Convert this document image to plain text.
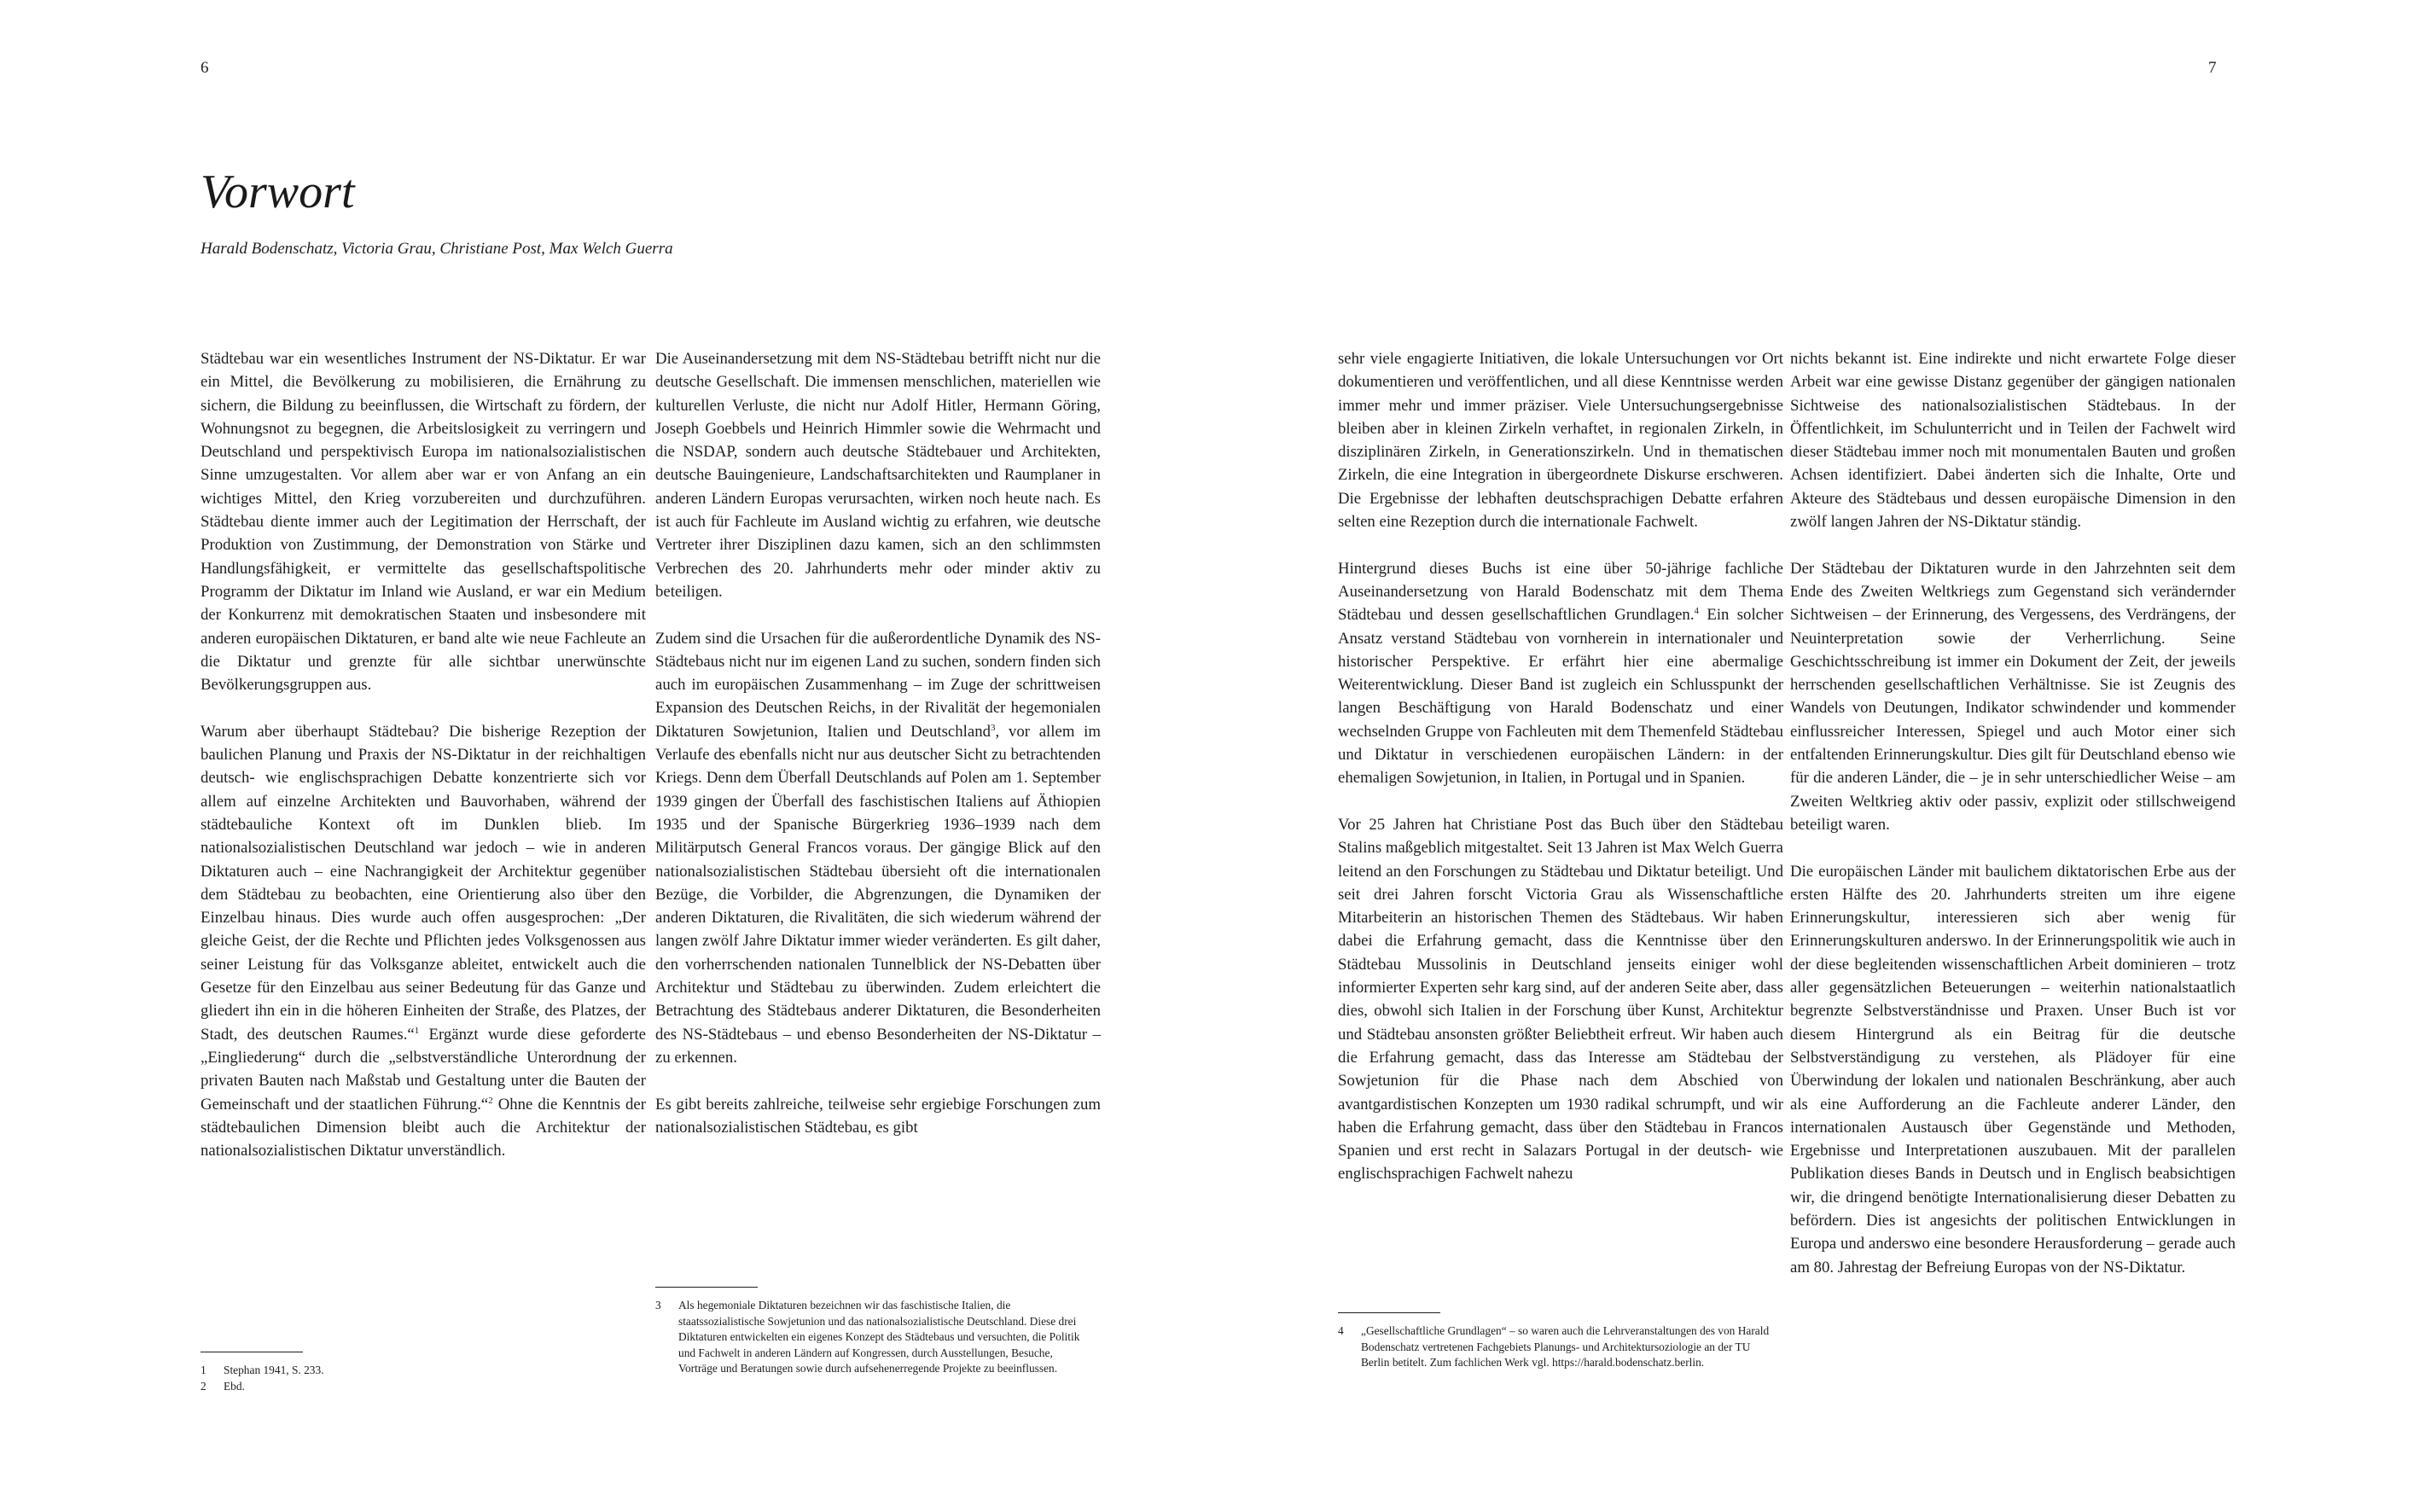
6	7
Vorwort
Harald Bodenschatz, Victoria Grau, Christiane Post, Max Welch Guerra

Städtebau war ein wesentliches Instrument der NS-Diktatur. Er war ein Mittel, die Bevölkerung zu mobilisieren, die Ernährung zu sichern, die Bildung zu beeinflussen, die Wirtschaft zu fördern, der Wohnungsnot zu begegnen, die Arbeitslosigkeit zu verringern und Deutschland und perspektivisch Europa im nationalsozialistischen Sinne umzugestalten. Vor allem aber war er von Anfang an ein wichtiges Mittel, den Krieg vorzubereiten und durchzuführen. Städtebau diente immer auch der Legitimation der Herrschaft, der Produktion von Zustimmung, der Demonstration von Stärke und Handlungsfähigkeit, er vermittelte das gesellschaftspolitische Programm der Diktatur im Inland wie Ausland, er war ein Medium der Konkurrenz mit demokratischen Staaten und insbesondere mit anderen europäischen Diktaturen, er band alte wie neue Fachleute an die Diktatur und grenzte für alle sichtbar unerwünschte Bevölkerungsgruppen aus.

Warum aber überhaupt Städtebau? Die bisherige Rezeption der baulichen Planung und Praxis der NS-Diktatur in der reichhaltigen deutsch- wie englischsprachigen Debatte konzentrierte sich vor allem auf einzelne Architekten und Bauvorhaben, während der städtebauliche Kontext oft im Dunklen blieb. Im nationalsozialistischen Deutschland war jedoch – wie in anderen Diktaturen auch – eine Nachrangigkeit der Architektur gegenüber dem Städtebau zu beobachten, eine Orientierung also über den Einzelbau hinaus. Dies wurde auch offen ausgesprochen: „Der gleiche Geist, der die Rechte und Pflichten jedes Volksgenossen aus seiner Leistung für das Volksganze ableitet, entwickelt auch die Gesetze für den Einzelbau aus seiner Bedeutung für das Ganze und gliedert ihn ein in die höheren Einheiten der Straße, des Platzes, der Stadt, des deutschen Raumes.“$^1$ Ergänzt wurde diese geforderte „Eingliederung“ durch die „selbstverständliche Unterordnung der privaten Bauten nach Maßstab und Gestaltung unter die Bauten der Gemeinschaft und der staatlichen Führung.“$^2$ Ohne die Kenntnis der städtebaulichen Dimension bleibt auch die Architektur der nationalsozialistischen Diktatur unverständlich.

Die Auseinandersetzung mit dem NS-Städtebau betrifft nicht nur die deutsche Gesellschaft. Die immensen menschlichen, materiellen wie kulturellen Verluste, die nicht nur Adolf Hitler, Hermann Göring, Joseph Goebbels und Heinrich Himmler sowie die Wehrmacht und die NSDAP, sondern auch deutsche Städtebauer und Architekten, deutsche Bauingenieure, Landschaftsarchitekten und Raumplaner in anderen Ländern Europas verursachten, wirken noch heute nach. Es ist auch für Fachleute im Ausland wichtig zu erfahren, wie deutsche Vertreter ihrer Disziplinen dazu kamen, sich an den schlimmsten Verbrechen des 20. Jahrhunderts mehr oder minder aktiv zu beteiligen.

Zudem sind die Ursachen für die außerordentliche Dynamik des NS-Städtebaus nicht nur im eigenen Land zu suchen, sondern finden sich auch im europäischen Zusammenhang – im Zuge der schrittweisen Expansion des Deutschen Reichs, in der Rivalität der hegemonialen Diktaturen Sowjetunion, Italien und Deutschland$^3$, vor allem im Verlaufe des ebenfalls nicht nur aus deutscher Sicht zu betrachtenden Kriegs. Denn dem Überfall Deutschlands auf Polen am 1. September 1939 gingen der Überfall des faschistischen Italiens auf Äthiopien 1935 und der Spanische Bürgerkrieg 1936–1939 nach dem Militärputsch General Francos voraus. Der gängige Blick auf den nationalsozialistischen Städtebau übersieht oft die internationalen Bezüge, die Vorbilder, die Abgrenzungen, die Dynamiken der anderen Diktaturen, die Rivalitäten, die sich wiederum während der langen zwölf Jahre Diktatur immer wieder veränderten. Es gilt daher, den vorherrschenden nationalen Tunnelblick der NS-Debatten über Architektur und Städtebau zu überwinden. Zudem erleichtert die Betrachtung des Städtebaus anderer Diktaturen, die Besonderheiten des NS-Städtebaus – und ebenso Besonderheiten der NS-Diktatur – zu erkennen.

Es gibt bereits zahlreiche, teilweise sehr ergiebige Forschungen zum nationalsozialistischen Städtebau, es gibt

sehr viele engagierte Initiativen, die lokale Untersuchungen vor Ort dokumentieren und veröffentlichen, und all diese Kenntnisse werden immer mehr und immer präziser. Viele Untersuchungsergebnisse bleiben aber in kleinen Zirkeln verhaftet, in regionalen Zirkeln, in disziplinären Zirkeln, in Generationszirkeln. Und in thematischen Zirkeln, die eine Integration in übergeordnete Diskurse erschweren. Die Ergebnisse der lebhaften deutschsprachigen Debatte erfahren selten eine Rezeption durch die internationale Fachwelt.

Hintergrund dieses Buchs ist eine über 50-jährige fachliche Auseinandersetzung von Harald Bodenschatz mit dem Thema Städtebau und dessen gesellschaftlichen Grundlagen.$^4$ Ein solcher Ansatz verstand Städtebau von vornherein in internationaler und historischer Perspektive. Er erfährt hier eine abermalige Weiterentwicklung. Dieser Band ist zugleich ein Schlusspunkt der langen Beschäftigung von Harald Bodenschatz und einer wechselnden Gruppe von Fachleuten mit dem Themenfeld Städtebau und Diktatur in verschiedenen europäischen Ländern: in der ehemaligen Sowjetunion, in Italien, in Portugal und in Spanien.

Vor 25 Jahren hat Christiane Post das Buch über den Städtebau Stalins maßgeblich mitgestaltet. Seit 13 Jahren ist Max Welch Guerra leitend an den Forschungen zu Städtebau und Diktatur beteiligt. Und seit drei Jahren forscht Victoria Grau als Wissenschaftliche Mitarbeiterin an historischen Themen des Städtebaus. Wir haben dabei die Erfahrung gemacht, dass die Kenntnisse über den Städtebau Mussolinis in Deutschland jenseits einiger wohl informierter Experten sehr karg sind, auf der anderen Seite aber, dass dies, obwohl sich Italien in der Forschung über Kunst, Architektur und Städtebau ansonsten größter Beliebtheit erfreut. Wir haben auch die Erfahrung gemacht, dass das Interesse am Städtebau der Sowjetunion für die Phase nach dem Abschied von avantgardistischen Konzepten um 1930 radikal schrumpft, und wir haben die Erfahrung gemacht, dass über den Städtebau in Francos Spanien und erst recht in Salazars Portugal in der deutsch- wie englischsprachigen Fachwelt nahezu

nichts bekannt ist. Eine indirekte und nicht erwartete Folge dieser Arbeit war eine gewisse Distanz gegenüber der gängigen nationalen Sichtweise des nationalsozialistischen Städtebaus. In der Öffentlichkeit, im Schulunterricht und in Teilen der Fachwelt wird dieser Städtebau immer noch mit monumentalen Bauten und großen Achsen identifiziert. Dabei änderten sich die Inhalte, Orte und Akteure des Städtebaus und dessen europäische Dimension in den zwölf langen Jahren der NS-Diktatur ständig.

Der Städtebau der Diktaturen wurde in den Jahrzehnten seit dem Ende des Zweiten Weltkriegs zum Gegenstand sich verändernder Sichtweisen – der Erinnerung, des Vergessens, des Verdrängens, der Neuinterpretation sowie der Verherrlichung. Seine Geschichtsschreibung ist immer ein Dokument der Zeit, der jeweils herrschenden gesellschaftlichen Verhältnisse. Sie ist Zeugnis des Wandels von Deutungen, Indikator schwindender und kommender einflussreicher Interessen, Spiegel und auch Motor einer sich entfaltenden Erinnerungskultur. Dies gilt für Deutschland ebenso wie für die anderen Länder, die – je in sehr unterschiedlicher Weise – am Zweiten Weltkrieg aktiv oder passiv, explizit oder stillschweigend beteiligt waren.

Die europäischen Länder mit baulichem diktatorischen Erbe aus der ersten Hälfte des 20. Jahrhunderts streiten um ihre eigene Erinnerungskultur, interessieren sich aber wenig für Erinnerungskulturen anderswo. In der Erinnerungspolitik wie auch in der diese begleitenden wissenschaftlichen Arbeit dominieren – trotz aller gegensätzlichen Beteuerungen – weiterhin nationalstaatlich begrenzte Selbstverständnisse und Praxen. Unser Buch ist vor diesem Hintergrund als ein Beitrag für die deutsche Selbstverständigung zu verstehen, als Plädoyer für eine Überwindung der lokalen und nationalen Beschränkung, aber auch als eine Aufforderung an die Fachleute anderer Länder, den internationalen Austausch über Gegenstände und Methoden, Ergebnisse und Interpretationen auszubauen. Mit der parallelen Publikation dieses Bands in Deutsch und in Englisch beabsichtigen wir, die dringend benötigte Internationalisierung dieser Debatten zu befördern. Dies ist angesichts der politischen Entwicklungen in Europa und anderswo eine besondere Herausforderung – gerade auch am 80. Jahrestag der Befreiung Europas von der NS-Diktatur.

1	Stephan 1941, S. 233.
2	Ebd.
3	Als hegemoniale Diktaturen bezeichnen wir das faschistische Italien, die staatssozialistische Sowjetunion und das nationalsozialistische Deutschland. Diese drei Diktaturen entwickelten ein eigenes Konzept des Städtebaus und versuchten, die Politik und Fachwelt in anderen Ländern auf Kongressen, durch Ausstellungen, Besuche, Vorträge und Beratungen sowie durch aufsehenerregende Projekte zu beeinflussen.
4	„Gesellschaftliche Grundlagen“ – so waren auch die Lehrveranstaltungen des von Harald Bodenschatz vertretenen Fachgebiets Planungs- und Architektursoziologie an der TU Berlin betitelt. Zum fachlichen Werk vgl. https://harald.bodenschatz.berlin.
